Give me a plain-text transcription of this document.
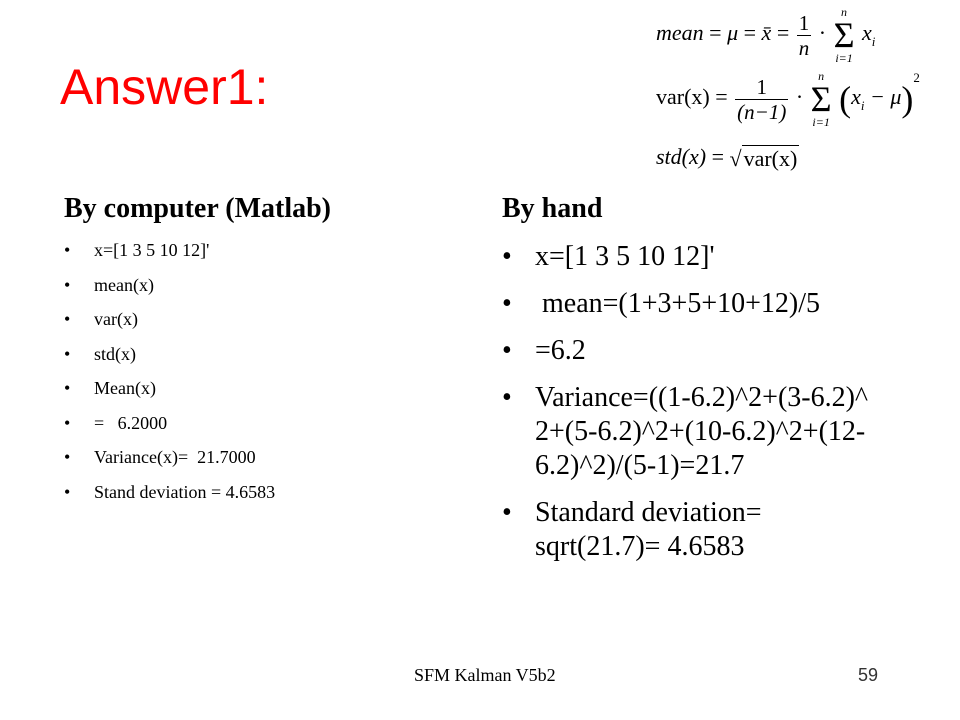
Answer1:
mean = μ = x̄ = $\frac{1}{n}$ ·
n
Σ
i=1
$x_i$
$var(x) = \frac{1}{(n-1)}$ ·
n
Σ
i=1
$(x_i - \mu)^2$
std(x) = √var(x)
By computer (Matlab)	By hand
• x=[1 3 5 10 12]'
• mean(x)
• var(x)
• std(x)
• Mean(x)
• =   6.2000
• Variance(x)=  21.7000
• Stand deviation = 4.6583
• x=[1 3 5 10 12]'
•  mean=(1+3+5+10+12)/5
• =6.2
• Variance=((1-6.2)^2+(3-6.2)^2+(5-6.2)^2+(10-6.2)^2+(12-6.2)^2)/(5-1)=21.7
• Standard deviation= sqrt(21.7)= 4.6583
SFM Kalman V5b2	59
